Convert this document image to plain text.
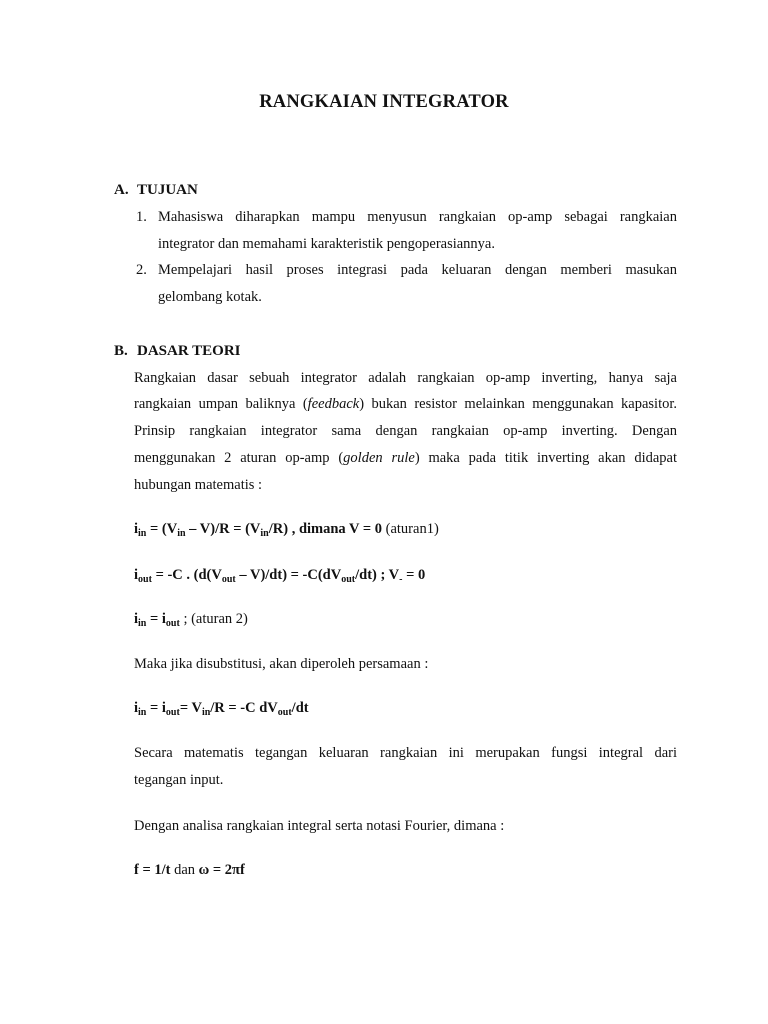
RANGKAIAN INTEGRATOR
A. TUJUAN
1. Mahasiswa diharapkan mampu menyusun rangkaian op-amp sebagai rangkaian
integrator dan memahami karakteristik pengoperasiannya.
2. Mempelajari hasil proses integrasi pada keluaran dengan memberi masukan
gelombang kotak.
B. DASAR TEORI
Rangkaian dasar sebuah integrator adalah rangkaian op-amp inverting, hanya saja
rangkaian umpan baliknya (feedback) bukan resistor melainkan menggunakan kapasitor.
Prinsip rangkaian integrator sama dengan rangkaian op-amp inverting. Dengan
menggunakan 2 aturan op-amp (golden rule) maka pada titik inverting akan didapat
hubungan matematis :
$i_{in} = (V_{in} - V)/R = (V_{in}/R)$ , dimana V = 0 (aturan1)
$i_{out} = -C$ . $(d(V_{out} - V)/dt) = -C(dV_{out}/dt)$ ; $V_- = 0$
$i_{in} = i_{out}$ ; (aturan 2)
Maka jika disubstitusi, akan diperoleh persamaan :
$i_{in} = i_{out}= V_{in}/R = -C$ $dV_{out}/dt$
Secara matematis tegangan keluaran rangkaian ini merupakan fungsi integral dari
tegangan input.
Dengan analisa rangkaian integral serta notasi Fourier, dimana :
f = 1/t dan ω = 2πf
